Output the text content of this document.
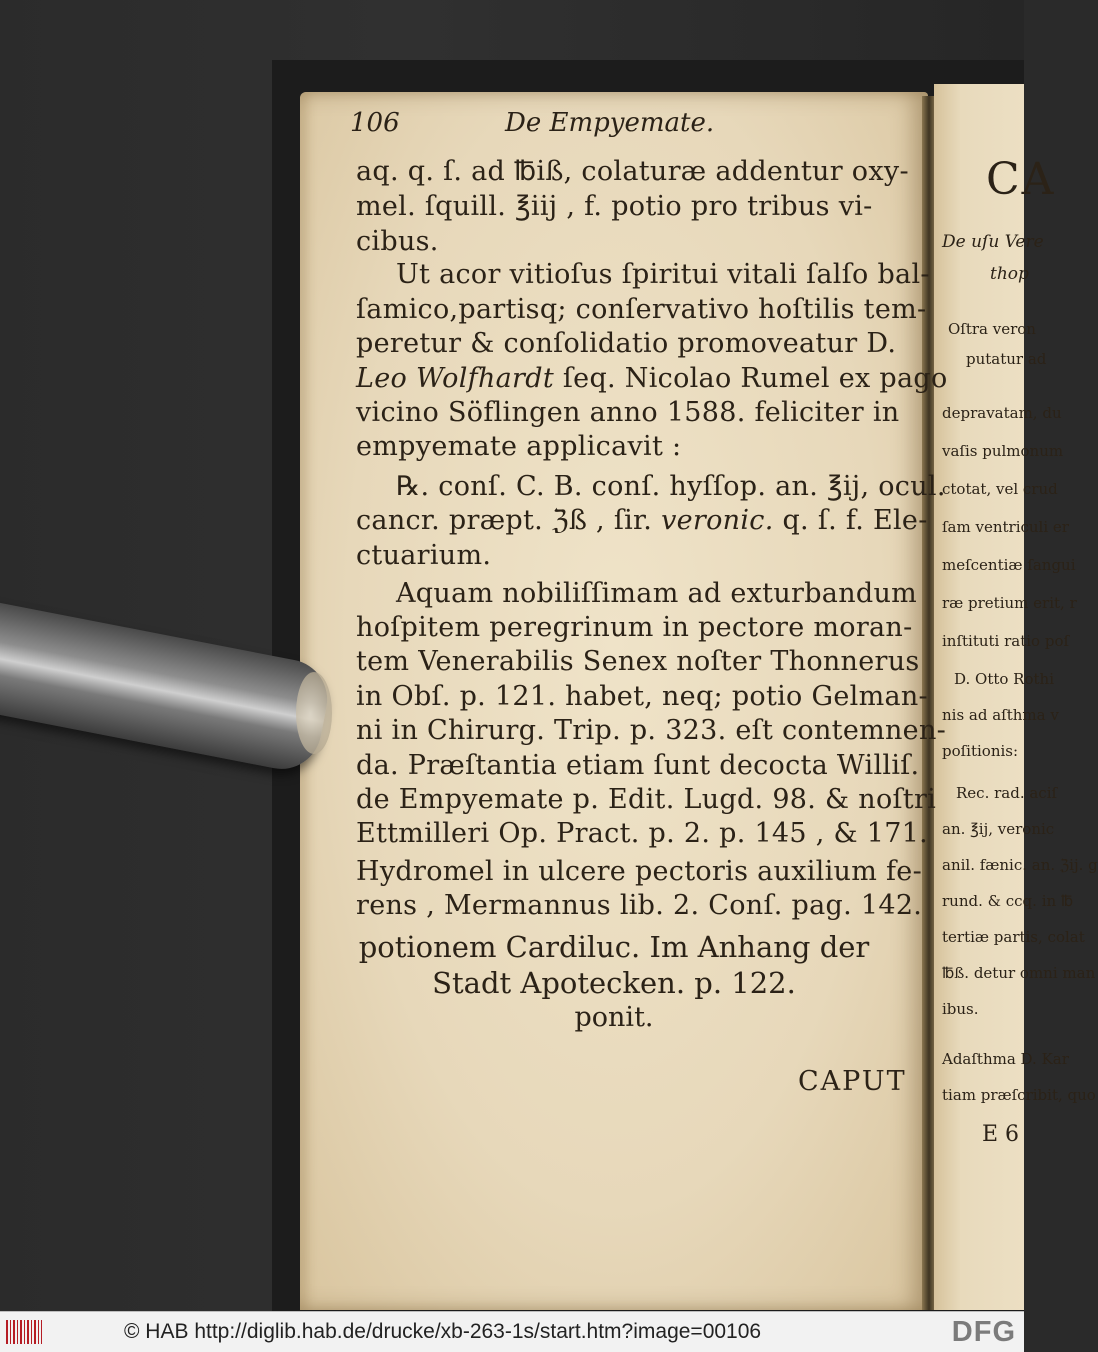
CA
De uſu Vere
thop
Oſtra veron
putatur ad
depravatam, du
vaſis pulmonum
ctotat, vel crud
ſam ventriculi er
meſcentiæ ſangui
ræ pretium erit, r
inſtituti ratio poſ
D. Otto Rothi
nis ad aſthma v
poſitionis:
Rec. rad. aciſ
an. ℥ij, veronic
anil. fænic. an. ℨij. g
rund. & ccq. in ℔
tertiæ partis, colat
℔ß. detur omni man
ibus.
Adaſthma D. Kar
tiam præſcribit, quo
E 6
106	De Empyemate.
aq. q. ſ. ad ℔iß, colaturæ addentur oxy-
mel. ſquill. ℥iij , f. potio pro tribus vi-
cibus.
Ut acor vitioſus ſpiritui vitali ſalſo bal-
ſamico,partisq; conſervativo hoſtilis tem-
peretur & conſolidatio promoveatur D.
Leo Wolfhardt ſeq. Nicolao Rumel ex pago
vicino Söflingen anno 1588. feliciter in
empyemate applicavit :
℞. conſ. C. B. conſ. hyſſop. an. ℥ij, ocul.
cancr. præpt. ℨß , ſir. veronic. q. ſ. f. Ele-
ctuarium.
Aquam nobiliſſimam ad exturbandum
hoſpitem peregrinum in pectore moran-
tem Venerabilis Senex noſter Thonnerus
in Obſ. p. 121. habet, neq; potio Gelman-
ni in Chirurg. Trip. p. 323. eſt contemnen-
da. Præſtantia etiam ſunt decocta Williſ.
de Empyemate p. Edit. Lugd. 98. & noſtri
Ettmilleri Op. Pract. p. 2. p. 145 , & 171.
Hydromel in ulcere pectoris auxilium fe-
rens , Mermannus lib. 2. Conſ. pag. 142.
potionem Cardiluc. Im Anhang der
Stadt Apotecken. p. 122.
ponit.
CAPUT
© HAB http://diglib.hab.de/drucke/xb-263-1s/start.htm?image=00106	DFG
